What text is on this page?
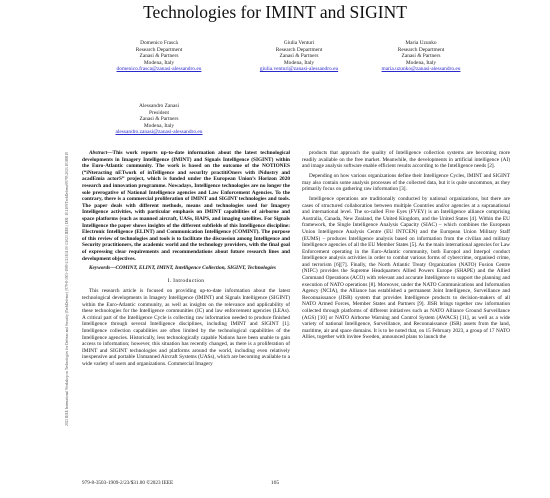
Technologies for IMINT and SIGINT
2023 IEEE International Workshop on Technologies for Defense and Security (TechDefense) | 979-8-3503-1909-2/23/$31.00 ©2023 IEEE | DOI: 10.1109/TechDefense59795.2023.10380819
Domenico Frascà
Research Department
Zanasi & Partners
Modena, Italy
domenico.frasca@zanasi-alessandro.eu
Giulia Venturi
Research Department
Zanasi & Partners
Modena, Italy
giulia.venturi@zanasi-alessandro.eu
Maria Uzunko
Research Department
Zanasi & Partners
Modena, Italy
maria.uzunko@zanasi-alessandro.eu
Alessandro Zanasi
President
Zanasi & Partners
Modena, Italy
alessandro.zanasi@zanasi-alessandro.eu

Abstract—This work reports up-to-date information about the latest technological developments in Imagery Intelligence (IMINT) and Signals Intelligence (SIGINT) within the Euro-Atlantic community. The work is based on the outcome of the NOTIONES (“iNteracting nETwork of inTelligence and securIty practitiOners with iNdustry and acadEmia actorS” project, which is funded under the European Union’s Horizon 2020 research and innovation programme. Nowadays, Intelligence technologies are no longer the sole prerogative of National Intelligence agencies and Law Enforcement Agencies. To the contrary, there is a commercial proliferation of IMINT and SIGINT technologies and tools. The paper deals with different methods, means and technologies used for Imagery Intelligence activities, with particular emphasis on IMINT capabilities of airborne and space platforms (such as manned aircraft, UASs, HAPS, and imaging satellites. For Signals Intelligence the paper shows insights of the different subfields of this Intelligence discipline: Electronic Intelligence (ELINT) and Communication Intelligence (COMINT). The purpose of this review of technologies and tools is to facilitate the discussion among Intelligence and Security practitioners, the academic world and the technology providers, with the final goal of expressing clear requirements and recommendations about future research lines and development objectives.

Keywords—COMINT, ELINT, IMINT, Intelligence Collection, SIGINT, Technologies

I. Introduction

This research article is focused on providing up-to-date information about the latest technological developments in Imagery Intelligence (IMINT) and Signals Intelligence (SIGINT) within the Euro-Atlantic community, as well as insights on the relevance and applicability of these technologies for the Intelligence communities (IC) and law enforcement agencies (LEAs). A critical part of the Intelligence Cycle is collecting raw information needed to produce finished Intelligence through several Intelligence disciplines, including IMINT and SIGINT [1]. Intelligence collection capabilities are often limited by the technological capabilities of the Intelligence agencies. Historically, less technologically capable Nations have been unable to gain access to information; however, this situation has recently changed, as there is a proliferation of IMINT and SIGINT technologies and platforms around the world, including even relatively inexpensive and portable Unmanned Aircraft Systems (UASs), which are becoming available to a wide variety of users and organizations. Commercial Imagery

products that approach the quality of Intelligence collection systems are becoming more readily available on the free market. Meanwhile, the developments in artificial intelligence (AI) and image analysis software enable efficient results according to the Intelligence needs [2].

Depending on how various organizations define their Intelligence Cycles, IMINT and SIGINT may also contain some analysis processes of the collected data, but it is quite uncommon, as they primarily focus on gathering raw information [3].

Intelligence operations are traditionally conducted by national organizations, but there are cases of structured collaboration between multiple Countries and/or agencies at a supranational and international level. The so-called Five Eyes (FVEY) is an Intelligence alliance comprising Australia, Canada, New Zealand, the United Kingdom, and the United States [4]. Within the EU framework, the Single Intelligence Analysis Capacity (SIAC) – which combines the European Union Intelligence Analysis Centre (EU INTCEN) and the European Union Military Staff (EUMS) – produces Intelligence analysis based on information from the civilian and military Intelligence agencies of all the EU Member States [5]. As the main international agencies for Law Enforcement operating in the Euro-Atlantic community, both Europol and Interpol conduct Intelligence analysis activities in order to combat various forms of cybercrime, organised crime, and terrorism [6][7]. Finally, the North Atlantic Treaty Organization (NATO) Fusion Centre (NIFC) provides the Supreme Headquarters Allied Powers Europe (SHAPE) and the Allied Command Operations (ACO) with relevant and accurate Intelligence to support the planning and execution of NATO operations [8]. Moreover, under the NATO Communications and Information Agency (NCIA), the Alliance has established a permanent Joint Intelligence, Surveillance and Reconnaissance (JISR) system that provides Intelligence products to decision-makers of all NATO Armed Forces, Member States and Partners [9]. JISR brings together raw information collected through platforms of different initiatives such as NATO Alliance Ground Surveillance (AGS) [10] or NATO Airborne Warning and Control System (AWACS) [11], as well as a wide variety of national Intelligence, Surveillance, and Reconnaissance (ISR) assets from the land, maritime, air and space domains. It is to be noted that, on 15 February 2023, a group of 17 NATO Allies, together with invitee Sweden, announced plans to launch the

979-8-3503-1909-2/23/$31.00 ©2023 IEEE	165
